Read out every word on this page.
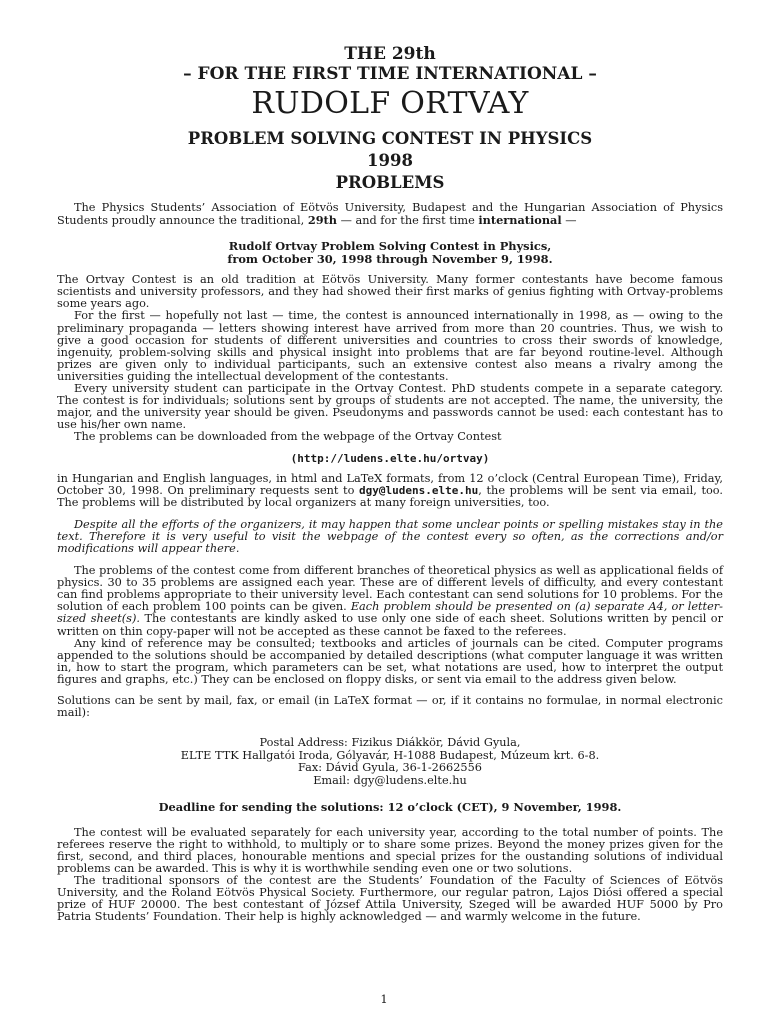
THE 29th
– FOR THE FIRST TIME INTERNATIONAL –
RUDOLF ORTVAY
PROBLEM SOLVING CONTEST IN PHYSICS
1998
PROBLEMS

The Physics Students’ Association of Eötvös University, Budapest and the Hungarian Association of Physics Students proudly announce the traditional, 29th — and for the first time international —

Rudolf Ortvay Problem Solving Contest in Physics,
from October 30, 1998 through November 9, 1998.

The Ortvay Contest is an old tradition at Eötvös University. Many former contestants have become famous scientists and university professors, and they had showed their first marks of genius fighting with Ortvay-problems some years ago.

For the first — hopefully not last — time, the contest is announced internationally in 1998, as — owing to the preliminary propaganda — letters showing interest have arrived from more than 20 countries. Thus, we wish to give a good occasion for students of different universities and countries to cross their swords of knowledge, ingenuity, problem-solving skills and physical insight into problems that are far beyond routine-level. Although prizes are given only to individual participants, such an extensive contest also means a rivalry among the universities guiding the intellectual development of the contestants.

Every university student can participate in the Ortvay Contest. PhD students compete in a separate category. The contest is for individuals; solutions sent by groups of students are not accepted. The name, the university, the major, and the university year should be given. Pseudonyms and passwords cannot be used: each contestant has to use his/her own name.

The problems can be downloaded from the webpage of the Ortvay Contest

(http://ludens.elte.hu/ortvay)

in Hungarian and English languages, in html and LaTeX formats, from 12 o’clock (Central European Time), Friday, October 30, 1998. On preliminary requests sent to dgy@ludens.elte.hu, the problems will be sent via email, too. The problems will be distributed by local organizers at many foreign universities, too.

Despite all the efforts of the organizers, it may happen that some unclear points or spelling mistakes stay in the text. Therefore it is very useful to visit the webpage of the contest every so often, as the corrections and/or modifications will appear there.

The problems of the contest come from different branches of theoretical physics as well as applicational fields of physics. 30 to 35 problems are assigned each year. These are of different levels of difficulty, and every contestant can find problems appropriate to their university level. Each contestant can send solutions for 10 problems. For the solution of each problem 100 points can be given. Each problem should be presented on (a) separate A4, or letter-sized sheet(s). The contestants are kindly asked to use only one side of each sheet. Solutions written by pencil or written on thin copy-paper will not be accepted as these cannot be faxed to the referees.

Any kind of reference may be consulted; textbooks and articles of journals can be cited. Computer programs appended to the solutions should be accompanied by detailed descriptions (what computer language it was written in, how to start the program, which parameters can be set, what notations are used, how to interpret the output figures and graphs, etc.) They can be enclosed on floppy disks, or sent via email to the address given below.

Solutions can be sent by mail, fax, or email (in LaTeX format — or, if it contains no formulae, in normal electronic mail):

Postal Address: Fizikus Diákkör, Dávid Gyula,
ELTE TTK Hallgatói Iroda, Gólyavár, H-1088 Budapest, Múzeum krt. 6-8.
Fax: Dávid Gyula, 36-1-2662556
Email: dgy@ludens.elte.hu
Deadline for sending the solutions: 12 o’clock (CET), 9 November, 1998.

The contest will be evaluated separately for each university year, according to the total number of points. The referees reserve the right to withhold, to multiply or to share some prizes. Beyond the money prizes given for the first, second, and third places, honourable mentions and special prizes for the oustanding solutions of individual problems can be awarded. This is why it is worthwhile sending even one or two solutions.

The traditional sponsors of the contest are the Students’ Foundation of the Faculty of Sciences of Eötvös University, and the Roland Eötvös Physical Society. Furthermore, our regular patron, Lajos Diósi offered a special prize of HUF 20000. The best contestant of József Attila University, Szeged will be awarded HUF 5000 by Pro Patria Students’ Foundation. Their help is highly acknowledged — and warmly welcome in the future.

1
